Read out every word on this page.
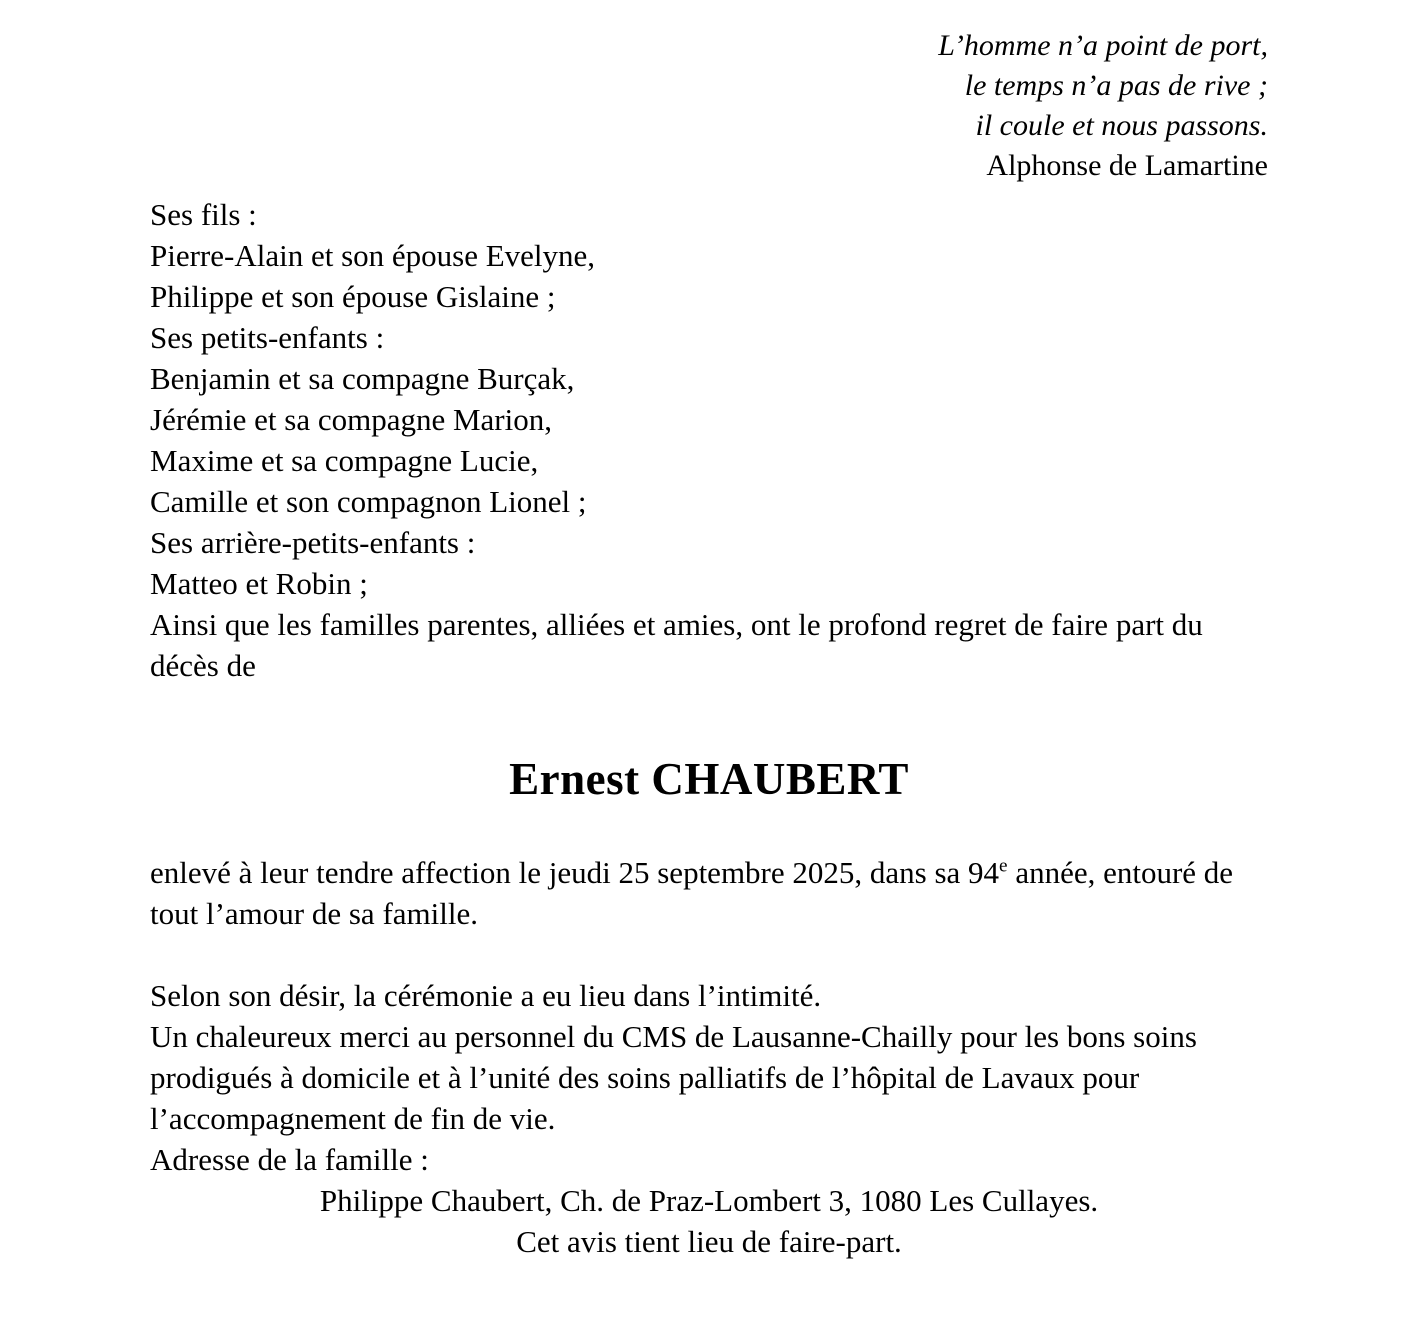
L’homme n’a point de port,
le temps n’a pas de rive ;
il coule et nous passons.
Alphonse de Lamartine
Ses fils :
Pierre-Alain et son épouse Evelyne,
Philippe et son épouse Gislaine ;
Ses petits-enfants :
Benjamin et sa compagne Burçak,
Jérémie et sa compagne Marion,
Maxime et sa compagne Lucie,
Camille et son compagnon Lionel ;
Ses arrière-petits-enfants :
Matteo et Robin ;
Ainsi que les familles parentes, alliées et amies, ont le profond regret de faire part du décès de
Ernest CHAUBERT

enlevé à leur tendre affection le jeudi 25 septembre 2025, dans sa 94e année, entouré de tout l’amour de sa famille.

Selon son désir, la cérémonie a eu lieu dans l’intimité.

Un chaleureux merci au personnel du CMS de Lausanne-Chailly pour les bons soins prodigués à domicile et à l’unité des soins palliatifs de l’hôpital de Lavaux pour l’accompagnement de fin de vie.

Adresse de la famille :

Philippe Chaubert, Ch. de Praz-Lombert 3, 1080 Les Cullayes.

Cet avis tient lieu de faire-part.
